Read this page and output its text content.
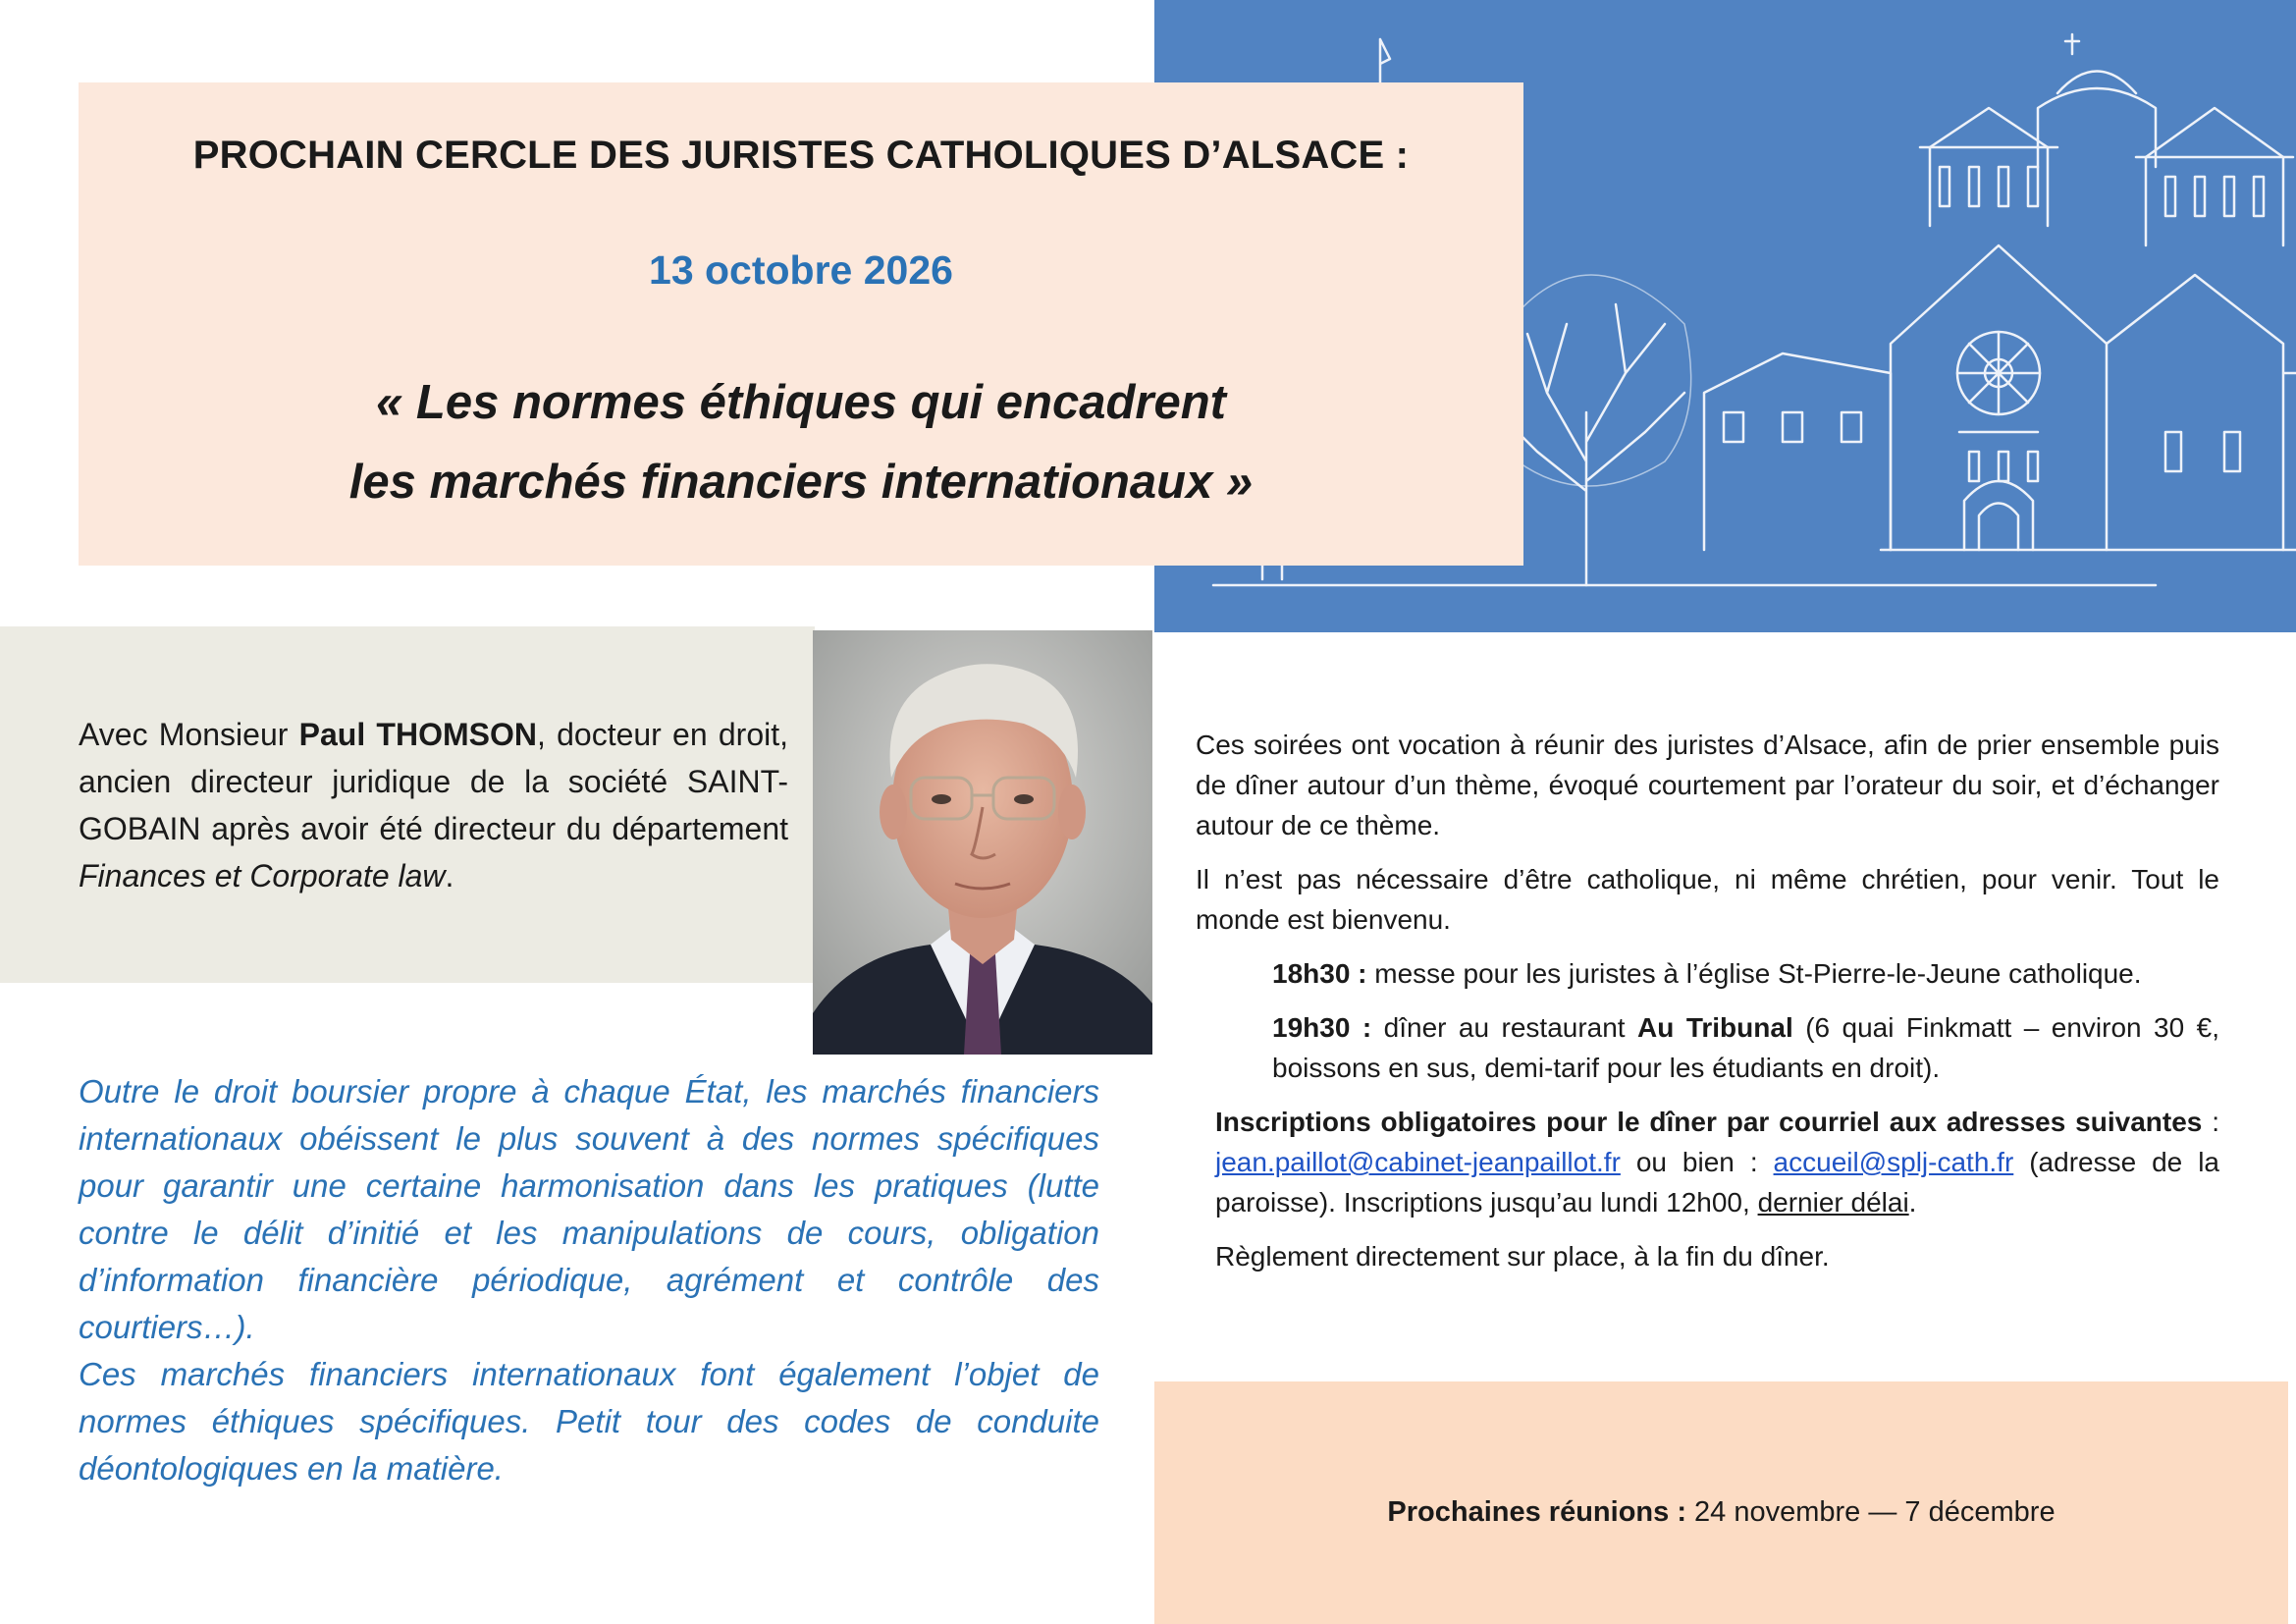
PROCHAIN CERCLE DES JURISTES CATHOLIQUES D’ALSACE :
13 octobre 2026
« Les normes éthiques qui encadrent
les marchés financiers internationaux »
Avec Monsieur Paul THOMSON, docteur en droit, ancien directeur juridique de la société SAINT-GOBAIN après avoir été directeur du département Finances et Corporate law.

Outre le droit boursier propre à chaque État, les marchés financiers internationaux obéissent le plus souvent à des normes spécifiques pour garantir une certaine harmonisation dans les pratiques (lutte contre le délit d’initié et les manipulations de cours, obligation d’information financière périodique, agrément et contrôle des courtiers…).

Ces marchés financiers internationaux font également l’objet de normes éthiques spécifiques. Petit tour des codes de conduite déontologiques en la matière.

Ces soirées ont vocation à réunir des juristes d’Alsace, afin de prier ensemble puis de dîner autour d’un thème, évoqué courtement par l’orateur du soir, et d’échanger autour de ce thème.

Il n’est pas nécessaire d’être catholique, ni même chrétien, pour venir. Tout le monde est bienvenu.

18h30 : messe pour les juristes à l’église St-Pierre-le-Jeune catholique.

19h30 : dîner au restaurant Au Tribunal (6 quai Finkmatt – environ 30 €, boissons en sus, demi-tarif pour les étudiants en droit).

Inscriptions obligatoires pour le dîner par courriel aux adresses suivantes : jean.paillot@cabinet-jeanpaillot.fr ou bien : accueil@splj-cath.fr (adresse de la paroisse). Inscriptions jusqu’au lundi 12h00, dernier délai.

Règlement directement sur place, à la fin du dîner.

Prochaines réunions : 24 novembre — 7 décembre
